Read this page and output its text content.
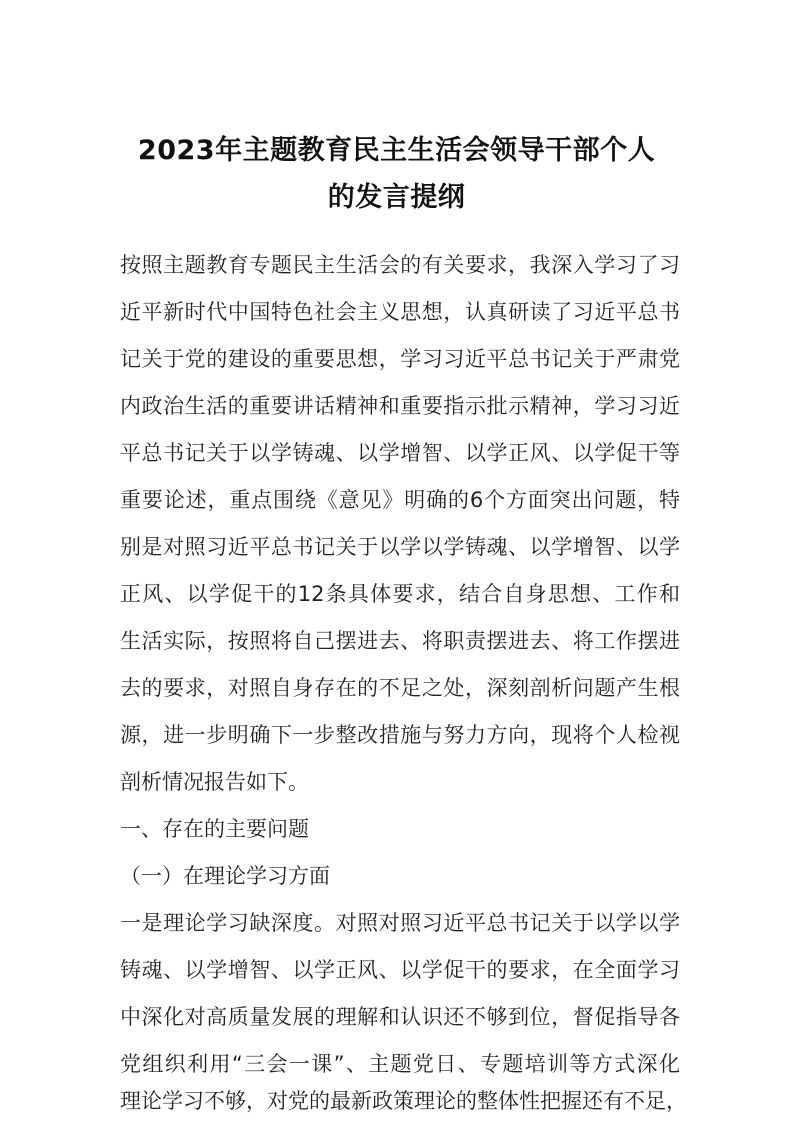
2023年主题教育民主生活会领导干部个人
的发言提纲
按照主题教育专题民主生活会的有关要求，我深入学习了习
近平新时代中国特色社会主义思想，认真研读了习近平总书
记关于党的建设的重要思想，学习习近平总书记关于严肃党
内政治生活的重要讲话精神和重要指示批示精神，学习习近
平总书记关于以学铸魂、以学增智、以学正风、以学促干等
重要论述，重点围绕《意见》明确的6个方面突出问题，特
别是对照习近平总书记关于以学以学铸魂、以学增智、以学
正风、以学促干的12条具体要求，结合自身思想、工作和
生活实际，按照将自己摆进去、将职责摆进去、将工作摆进
去的要求，对照自身存在的不足之处，深刻剖析问题产生根
源，进一步明确下一步整改措施与努力方向，现将个人检视
剖析情况报告如下。
一、存在的主要问题
（一）在理论学习方面
一是理论学习缺深度。对照对照习近平总书记关于以学以学
铸魂、以学增智、以学正风、以学促干的要求，在全面学习
中深化对高质量发展的理解和认识还不够到位，督促指导各
党组织利用“三会一课”、主题党日、专题培训等方式深化
理论学习不够，对党的最新政策理论的整体性把握还有不足，
